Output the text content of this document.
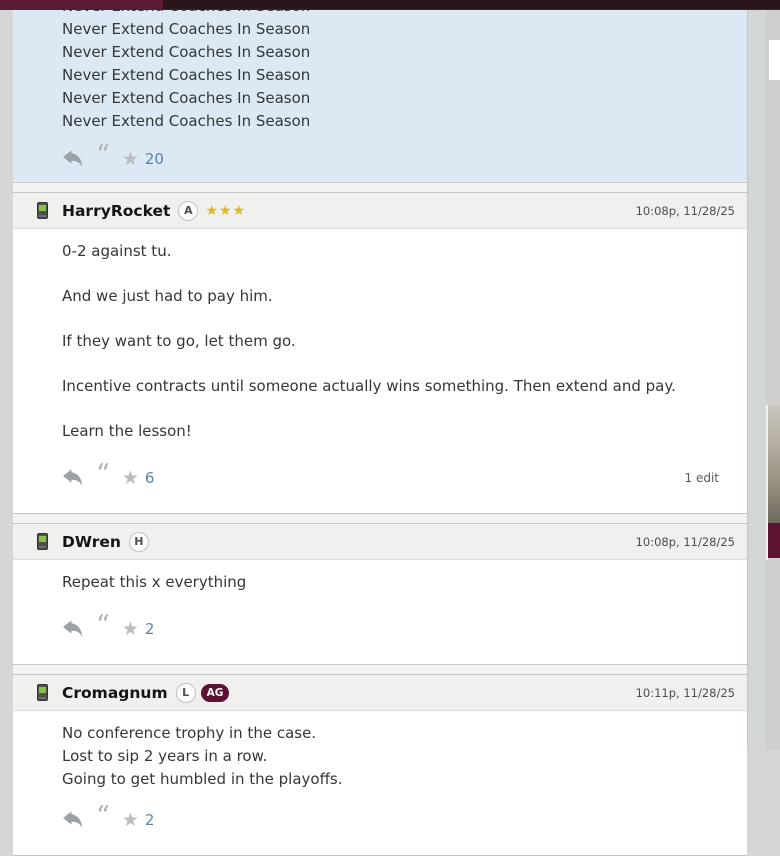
Never Extend Coaches In Season
Never Extend Coaches In Season
Never Extend Coaches In Season
Never Extend Coaches In Season
Never Extend Coaches In Season
“ ★ 20
HarryRocket	A ★★★	10:08p, 11/28/25

0-2 against tu.

And we just had to pay him.

If they want to go, let them go.

Incentive contracts until someone actually wins something. Then extend and pay.

Learn the lesson!

“ ★ 6	1 edit
DWren	H	10:08p, 11/28/25

Repeat this x everything

“ ★ 2
Cromagnum	L	AG	10:11p, 11/28/25

No conference trophy in the case.

Lost to sip 2 years in a row.

Going to get humbled in the playoffs.

“ ★ 2
